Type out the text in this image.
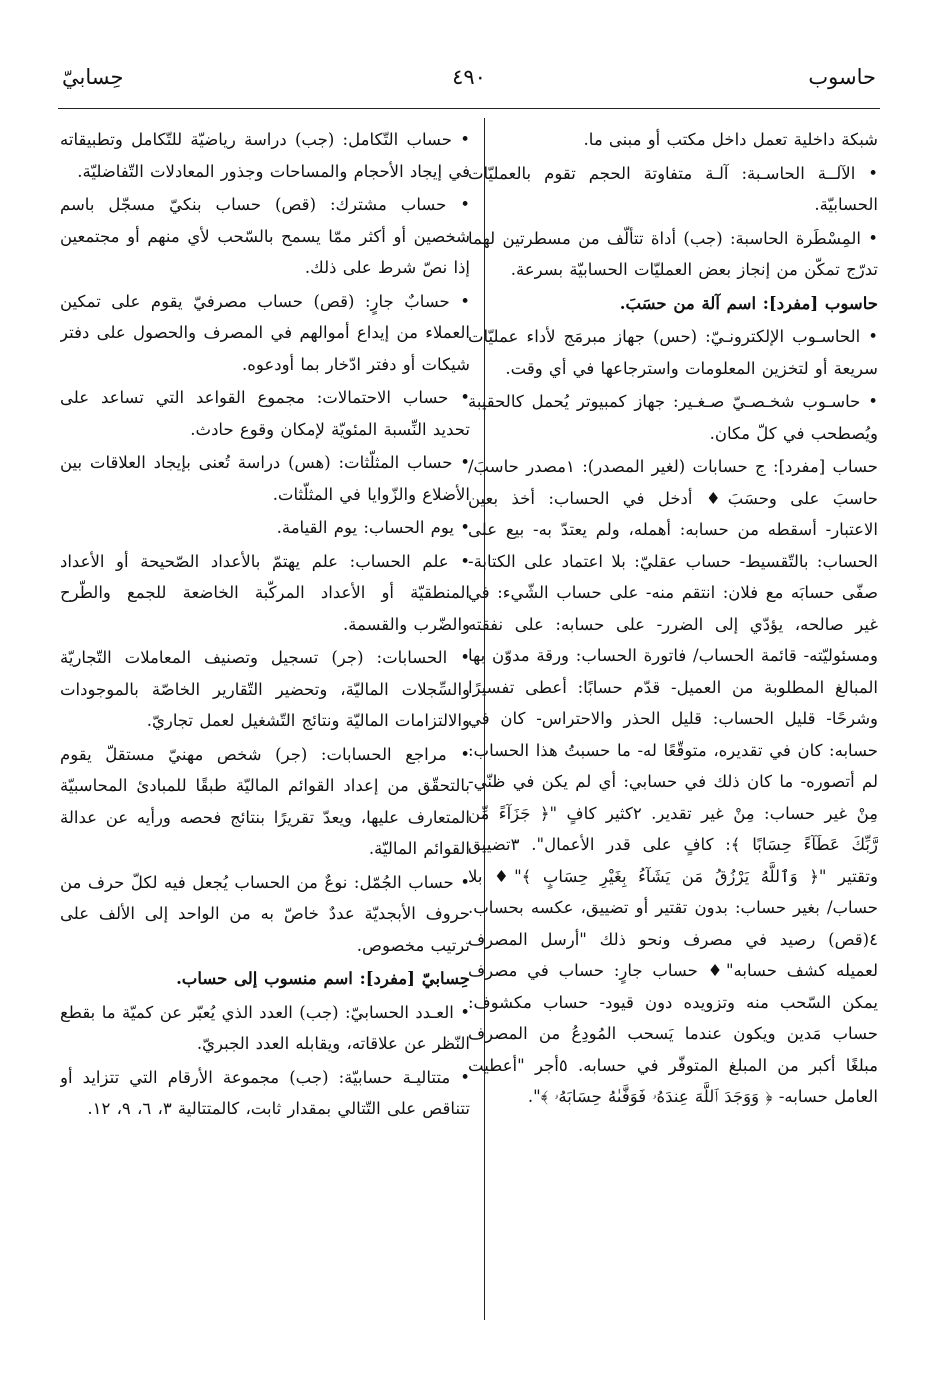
حاسوب
٤٩٠
حِسابيّ

شبكة داخلية تعمل داخل مكتب أو مبنى ما.

• الآلــة الحاسـبة: آلـة متفاوتة الحجم تقوم بالعمليّات الحسابيّة.

• المِسْطَرة الحاسبة: (جب) أداة تتألّف من مسطرتين لهما تدرّج تمكّن من إنجاز بعض العمليّات الحسابيّة بسرعة.

حاسوب [مفرد]: اسم آلة من حسَبَ.

• الحاسـوب الإلكترونـيّ: (حس) جهاز مبرمَج لأداء عمليّات سريعة أو لتخزين المعلومات واسترجاعها في أي وقت.

• حاسـوب شخـصـيّ صـغـير: جهاز كمبيوتر يُحمل كالحقيبة ويُصطحب في كلّ مكان.

حساب [مفرد]: ج حسابات (لغير المصدر): ١مصدر حاسبَ/ حاسبَ على وحسَبَ♦ أدخل في الحساب: أخذ بعين الاعتبار- أسقطه من حسابه: أهمله، ولم يعتدّ به- بيع على الحساب: بالتّقسيط- حساب عقليّ: بلا اعتماد على الكتابة- صفّى حسابَه مع فلان: انتقم منه- على حساب الشّيء: في غير صالحه، يؤدّي إلى الضرر- على حسابه: على نفقته ومسئوليّته- قائمة الحساب/ فاتورة الحساب: ورقة مدوّن بها المبالغ المطلوبة من العميل- قدّم حسابًا: أعطى تفسيرًا وشرحًا- قليل الحساب: قليل الحذر والاحتراس- كان في حسابه: كان في تقديره، متوقّعًا له- ما حسبتُ هذا الحساب: لم أتصوره- ما كان ذلك في حسابي: أي لم يكن في ظنّي- مِنْ غير حساب: مِنْ غير تقدير. ٢كثير كافٍ "﴿ جَزَآءً مِّن رَّبِّكَ عَطَآءً حِسَابًا ﴾: كافٍ على قدر الأعمال". ٣تضييق وتقتير "﴿ وَٱللَّهُ يَرْزُقُ مَن يَشَآءُ بِغَيْرِ حِسَابٍ ﴾"♦ بلا حساب/ بغير حساب: بدون تقتير أو تضييق، عكسه بحساب. ٤(قص) رصيد في مصرف ونحو ذلك "أرسل المصرف لعميله كشف حسابه"♦ حساب جارٍ: حساب في مصرف يمكن السّحب منه وتزويده دون قيود- حساب مكشوف: حساب مَدين ويكون عندما يَسحب المُودِعُ من المصرف مبلغًا أكبر من المبلغ المتوفّر في حسابه. ٥أجر "أعطيت العامل حسابه- ﴿ وَوَجَدَ ٱللَّهَ عِندَهُۥ فَوَفَّىٰهُ حِسَابَهُۥ ﴾".

• حساب التّكامل: (جب) دراسة رياضيّة للتّكامل وتطبيقاته في إيجاد الأحجام والمساحات وجذور المعادلات التّفاضليّة.

• حساب مشترك: (قص) حساب بنكيّ مسجّل باسم شخصين أو أكثر ممّا يسمح بالسّحب لأي منهم أو مجتمعين إذا نصّ شرط على ذلك.

• حسابٌ جارٍ: (قص) حساب مصرفيّ يقوم على تمكين العملاء من إيداع أموالهم في المصرف والحصول على دفتر شيكات أو دفتر ادّخار بما أودعوه.

• حساب الاحتمالات: مجموع القواعد التي تساعد على تحديد النِّسبة المئويّة لإمكان وقوع حادث.

• حساب المثلّثات: (هس) دراسة تُعنى بإيجاد العلاقات بين الأضلاع والزّوايا في المثلّثات.

• يوم الحساب: يوم القيامة.

• علم الحساب: علم يهتمّ بالأعداد الصّحيحة أو الأعداد المنطقيّة أو الأعداد المركّبة الخاضعة للجمع والطّرح والضّرب والقسمة.

• الحسابات: (جر) تسجيل وتصنيف المعاملات التّجاريّة والسِّجلات الماليّة، وتحضير التّقارير الخاصّة بالموجودات والالتزامات الماليّة ونتائج التّشغيل لعمل تجاريّ.

• مراجع الحسابات: (جر) شخص مهنيّ مستقلّ يقوم بالتحقّق من إعداد القوائم الماليّة طبقًا للمبادئ المحاسبيّة المتعارف عليها، ويعدّ تقريرًا بنتائج فحصه ورأيه عن عدالة القوائم الماليّة.

• حساب الجُمّل: نوعٌ من الحساب يُجعل فيه لكلّ حرف من حروف الأبجديّة عددٌ خاصّ به من الواحد إلى الألف على ترتيب مخصوص.

حِسابيّ [مفرد]: اسم منسوب إلى حساب.

• العـدد الحسابيّ: (جب) العدد الذي يُعبّر عن كميّة ما بقطع النّظر عن علاقاته، ويقابله العدد الجبريّ.

• متتاليـة حسابيّة: (جب) مجموعة الأرقام التي تتزايد أو تتناقص على التّتالي بمقدار ثابت، كالمتتالية ٣، ٦، ٩، ١٢.
